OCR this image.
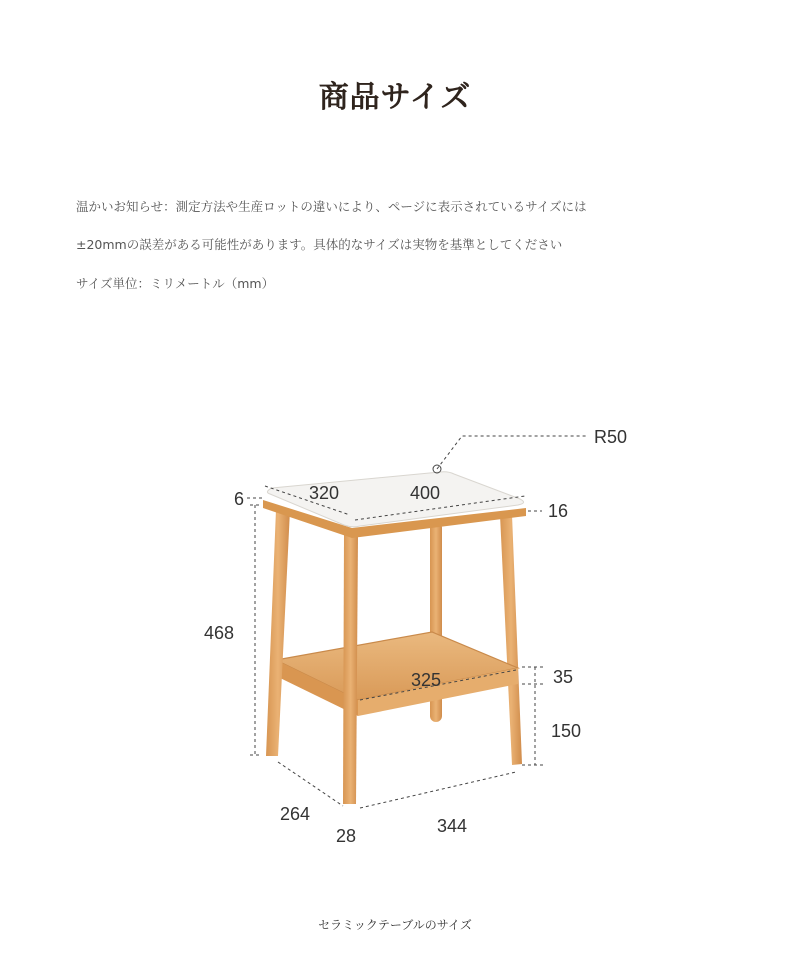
商品サイズ
温かいお知らせ：測定方法や生産ロットの違いにより、ページに表示されているサイズには
±20mmの誤差がある可能性があります。具体的なサイズは実物を基準としてください
サイズ単位：ミリメートル（mm）
R50
320	400
6
16
468
325	35
150
264
28	344
セラミックテーブルのサイズ
